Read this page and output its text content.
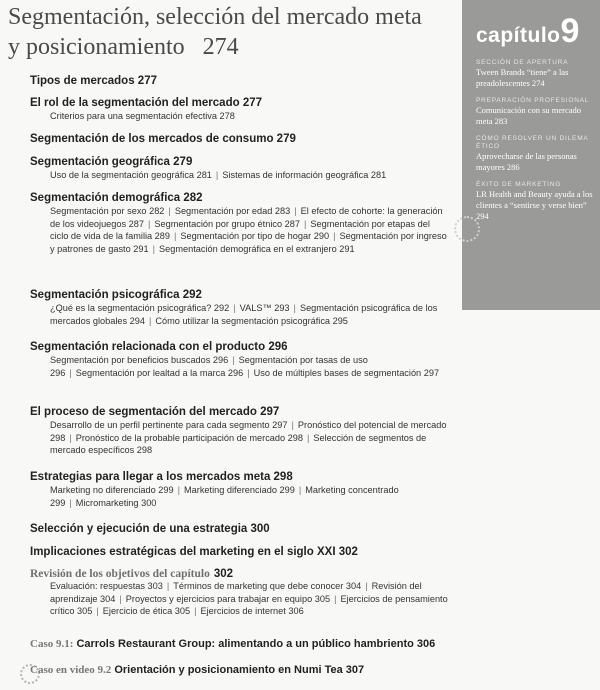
Segmentación, selección del mercado meta
y posicionamiento 274	capítulo9
SECCIÓN DE APERTURA
Tween Brands “tiene” a las preadolescentes 274
PREPARACIÓN PROFESIONAL
Comunicación con su mercado meta 283
CÓMO RESOLVER UN DILEMA ÉTICO
Aprovecharse de las personas mayores 286
ÉXITO DE MARKETING
LR Health and Beauty ayuda a los clientes a “sentirse y verse bien” 294
Tipos de mercados 277
El rol de la segmentación del mercado 277
Criterios para una segmentación efectiva 278
Segmentación de los mercados de consumo 279
Segmentación geográfica 279
Uso de la segmentación geográfica 281 | Sistemas de información geográfica 281
Segmentación demográfica 282
Segmentación por sexo 282 | Segmentación por edad 283 | El efecto de cohorte: la generación de los videojuegos 287 | Segmentación por grupo étnico 287 | Segmentación por etapas del ciclo de vida de la familia 289 | Segmentación por tipo de hogar 290 | Segmentación por ingreso y patrones de gasto 291 | Segmentación demográfica en el extranjero 291
Segmentación psicográfica 292
¿Qué es la segmentación psicográfica? 292 | VALS™ 293 | Segmentación psicográfica de los mercados globales 294 | Cómo utilizar la segmentación psicográfica 295
Segmentación relacionada con el producto 296
Segmentación por beneficios buscados 296 | Segmentación por tasas de uso 296 | Segmentación por lealtad a la marca 296 | Uso de múltiples bases de segmentación 297
El proceso de segmentación del mercado 297
Desarrollo de un perfil pertinente para cada segmento 297 | Pronóstico del potencial de mercado 298 | Pronóstico de la probable participación de mercado 298 | Selección de segmentos de mercado específicos 298
Estrategias para llegar a los mercados meta 298
Marketing no diferenciado 299 | Marketing diferenciado 299 | Marketing concentrado 299 | Micromarketing 300
Selección y ejecución de una estrategia 300
Implicaciones estratégicas del marketing en el siglo XXI 302
Revisión de los objetivos del capítulo 302
Evaluación: respuestas 303 | Términos de marketing que debe conocer 304 | Revisión del aprendizaje 304 | Proyectos y ejercicios para trabajar en equipo 305 | Ejercicios de pensamiento crítico 305 | Ejercicio de ética 305 | Ejercicios de internet 306
Caso 9.1: Carrols Restaurant Group: alimentando a un público hambriento 306
Caso en video 9.2 Orientación y posicionamiento en Numi Tea 307
